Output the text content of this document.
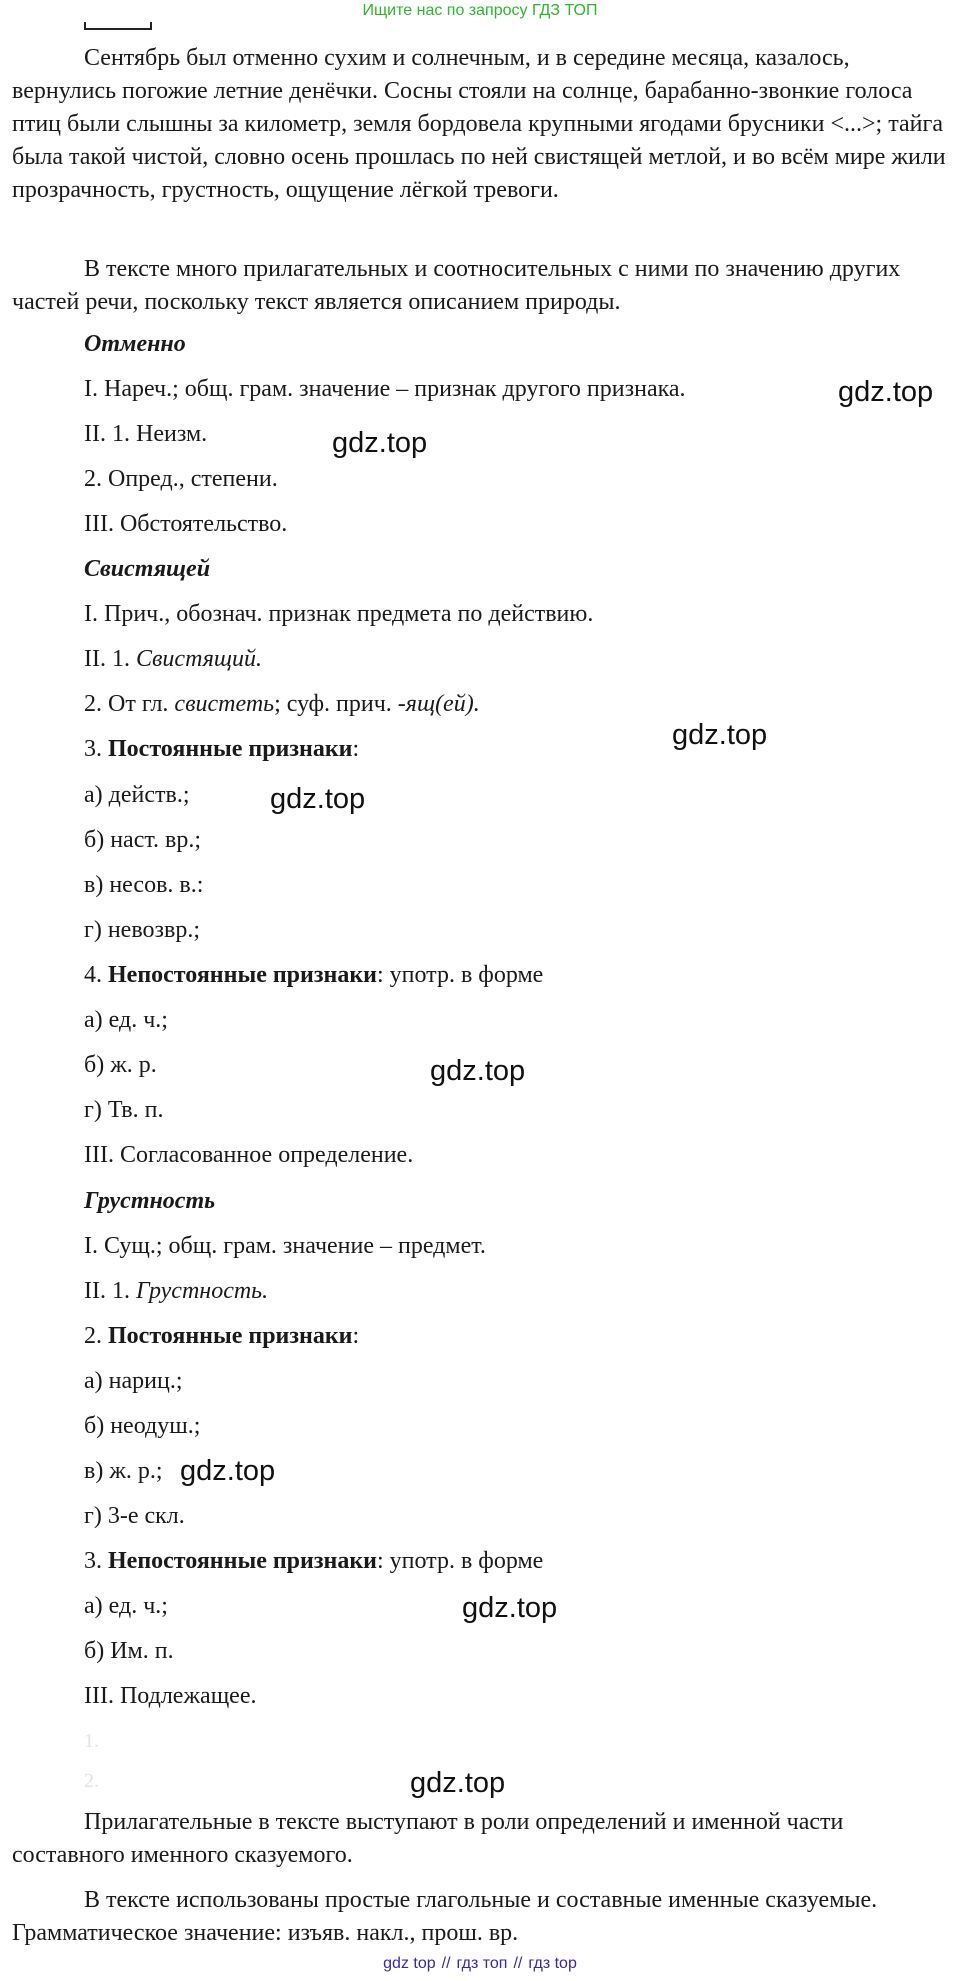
Ищите нас по запросу ГДЗ ТОП

Сентябрь был отменно сухим и солнечным, и в середине месяца, казалось, вернулись погожие летние денёчки. Сосны стояли на солнце, барабанно-звонкие голоса птиц были слышны за километр, земля бордовела крупными ягодами брусники <...>; тайга была такой чистой, словно осень прошлась по ней свистящей метлой, и во всём мире жили прозрачность, грустность, ощущение лёгкой тревоги.

В тексте много прилагательных и соотносительных с ними по значению других частей речи, поскольку текст является описанием природы.

Отменно
I. Нареч.; общ. грам. значение – признак другого признака.
II. 1. Неизм.
2. Опред., степени.
III. Обстоятельство.
Свистящей
I. Прич., обознач. признак предмета по действию.
II. 1. Свистящий.
2. От гл. свистеть; суф. прич. -ящ(ей).
3. Постоянные признаки:
а) действ.;
б) наст. вр.;
в) несов. в.:
г) невозвр.;
4. Непостоянные признаки: употр. в форме
а) ед. ч.;
б) ж. р.
г) Тв. п.
III. Согласованное определение.
Грустность
I. Сущ.; общ. грам. значение – предмет.
II. 1. Грустность.
2. Постоянные признаки:
а) нариц.;
б) неодуш.;
в) ж. р.;
г) 3-е скл.
3. Непостоянные признаки: употр. в форме
а) ед. ч.;
б) Им. п.
III. Подлежащее.
1.
2.

Прилагательные в тексте выступают в роли определений и именной части составного именного сказуемого.

В тексте использованы простые глагольные и составные именные сказуемые. Грамматическое значение: изъяв. накл., прош. вр.

gdz.top
gdz.top
gdz.top
gdz.top
gdz.top
gdz.top
gdz.top
gdz.top
gdz top // гдз топ // гдз top
